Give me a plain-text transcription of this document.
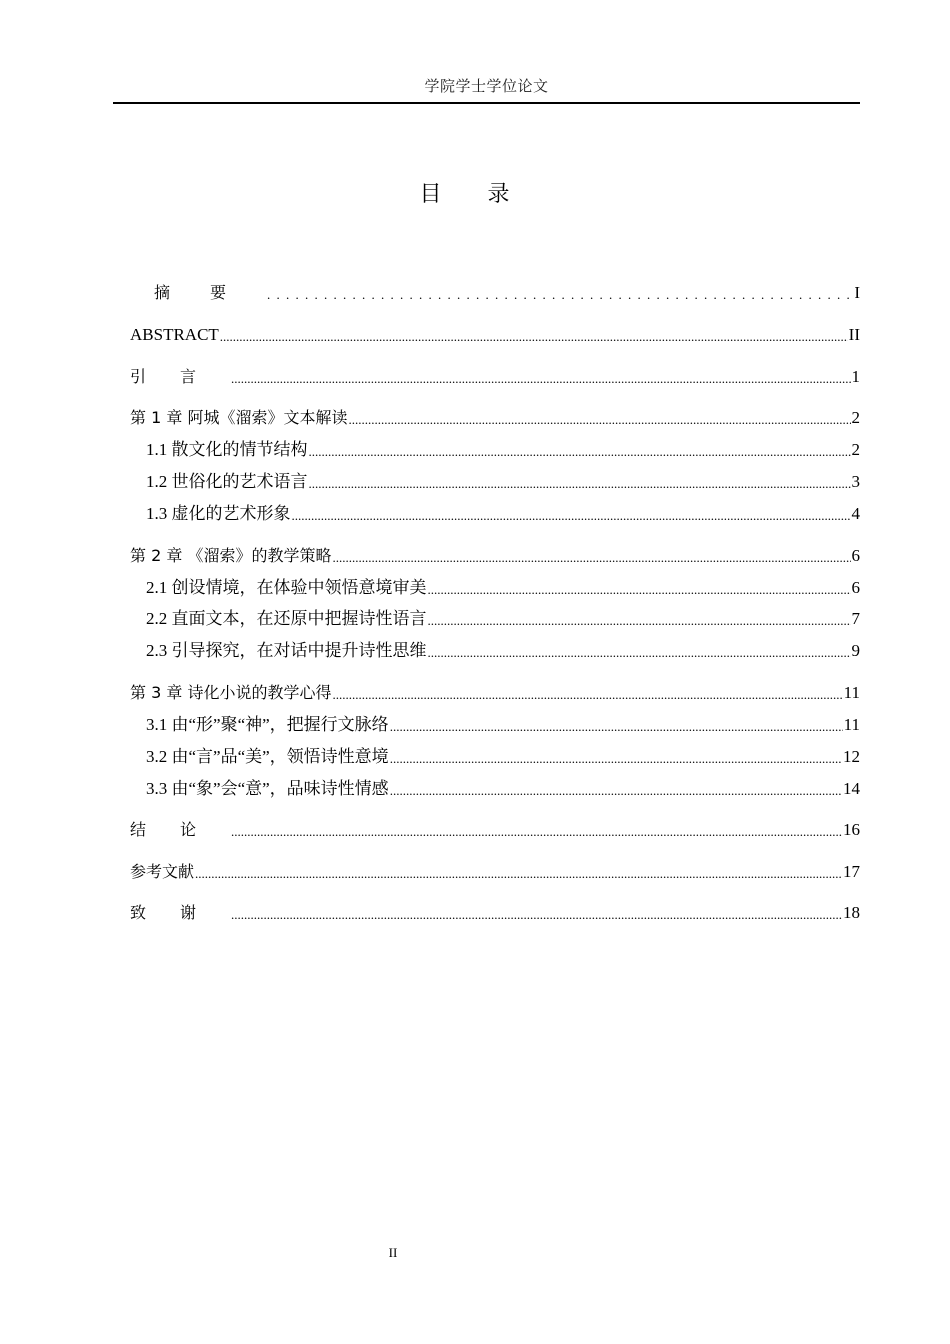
学院学士学位论文
目录
摘要 . . .	I
ABSTRACT .....	II
引言 .....	1
第 1 章 阿城《溜索》文本解读 .....	2
1.1 散文化的情节结构 .....	2
1.2 世俗化的艺术语言 .....	3
1.3 虚化的艺术形象 .....	4
第 2 章 《溜索》的教学策略 .....	6
2.1 创设情境，在体验中领悟意境审美 .....	6
2.2 直面文本，在还原中把握诗性语言 .....	7
2.3 引导探究，在对话中提升诗性思维 .....	9
第 3 章 诗化小说的教学心得 .....	11
3.1 由“形”聚“神”，把握行文脉络 .....	11
3.2 由“言”品“美”，领悟诗性意境 .....	12
3.3 由“象”会“意”，品味诗性情感 .....	14
结论 .....	16
参考文献 .....	17
致谢 .....	18
II
